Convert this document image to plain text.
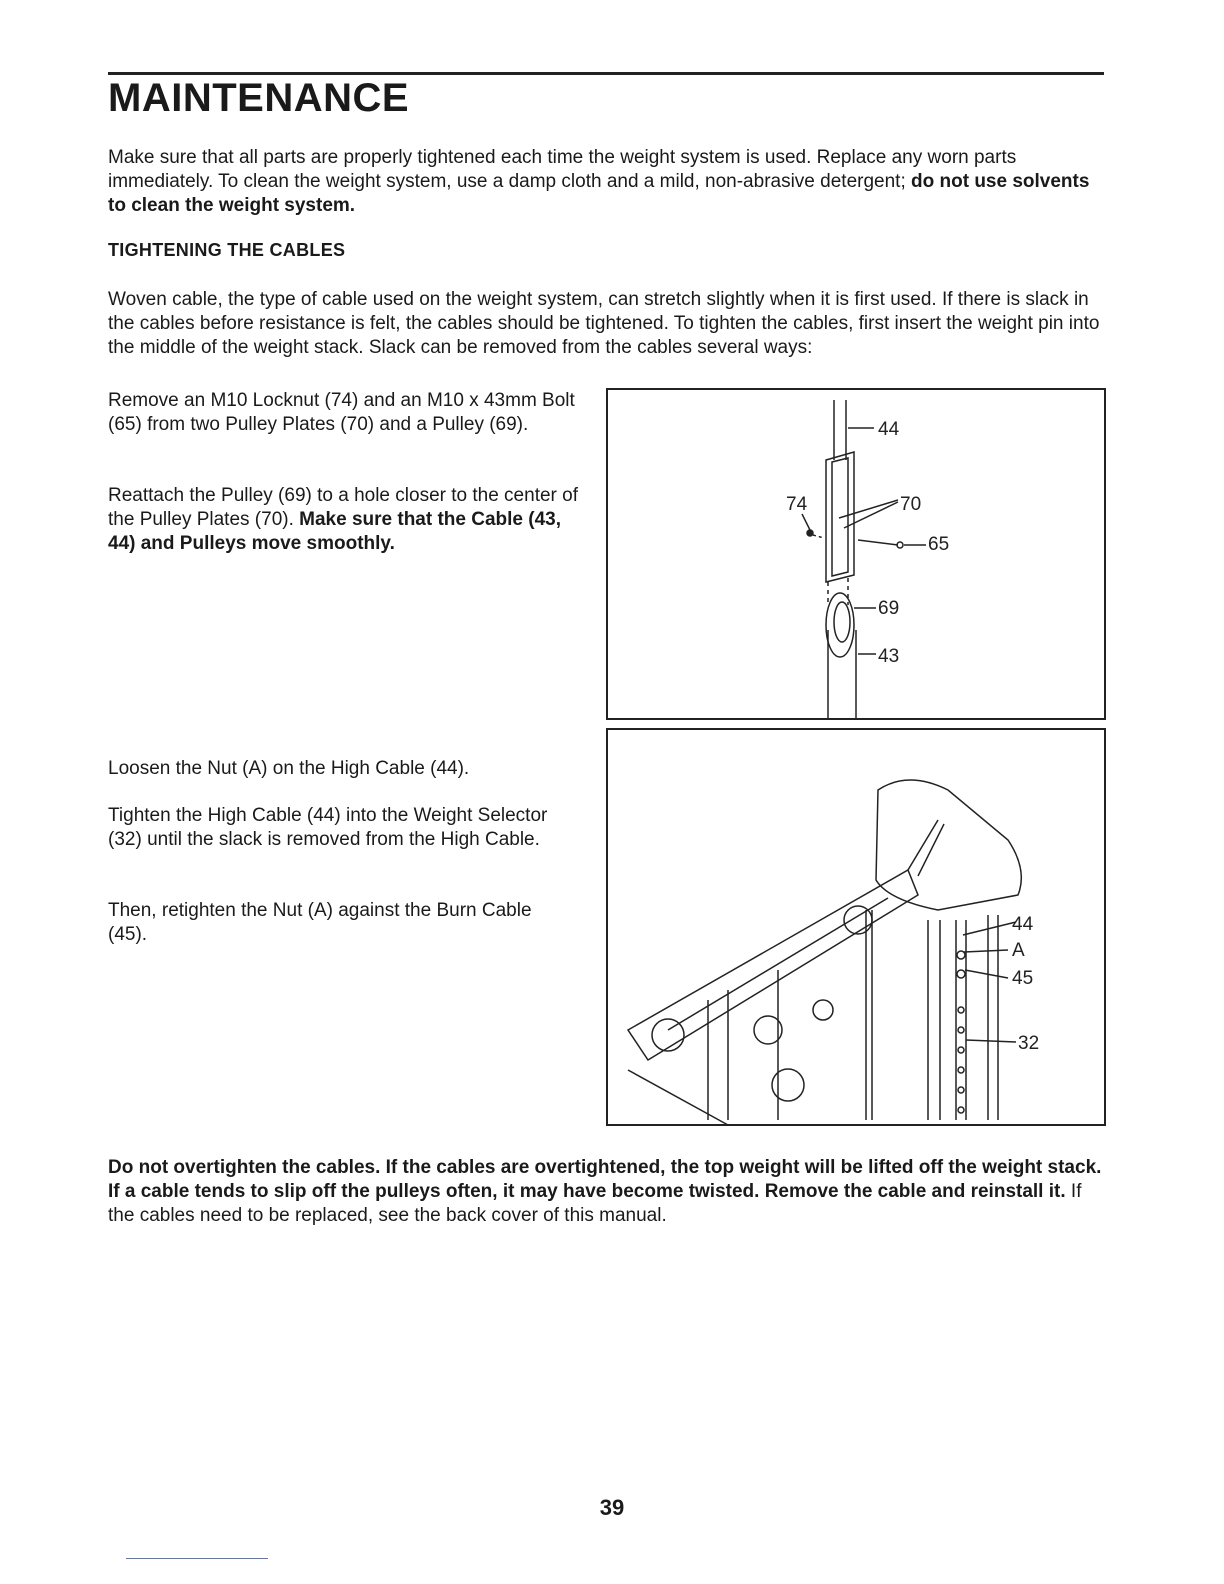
MAINTENANCE

Make sure that all parts are properly tightened each time the weight system is used. Replace any worn parts immediately. To clean the weight system, use a damp cloth and a mild, non-abrasive detergent; do not use solvents to clean the weight system.

TIGHTENING THE CABLES

Woven cable, the type of cable used on the weight system, can stretch slightly when it is first used. If there is slack in the cables before resistance is felt, the cables should be tightened. To tighten the cables, first insert the weight pin into the middle of the weight stack. Slack can be removed from the cables several ways:

Remove an M10 Locknut (74) and an M10 x 43mm Bolt (65) from two Pulley Plates (70) and a Pulley (69).

Reattach the Pulley (69) to a hole closer to the center of the Pulley Plates (70). Make sure that the Cable (43, 44) and Pulleys move smoothly.

Loosen the Nut (A) on the High Cable (44).

Tighten the High Cable (44) into the Weight Selector (32) until the slack is removed from the High Cable.

Then, retighten the Nut (A) against the Burn Cable (45).

44
74	70
65
69
43
44
A
45
32

Do not overtighten the cables. If the cables are overtightened, the top weight will be lifted off the weight stack. If a cable tends to slip off the pulleys often, it may have become twisted. Remove the cable and reinstall it. If the cables need to be replaced, see the back cover of this manual.

39
